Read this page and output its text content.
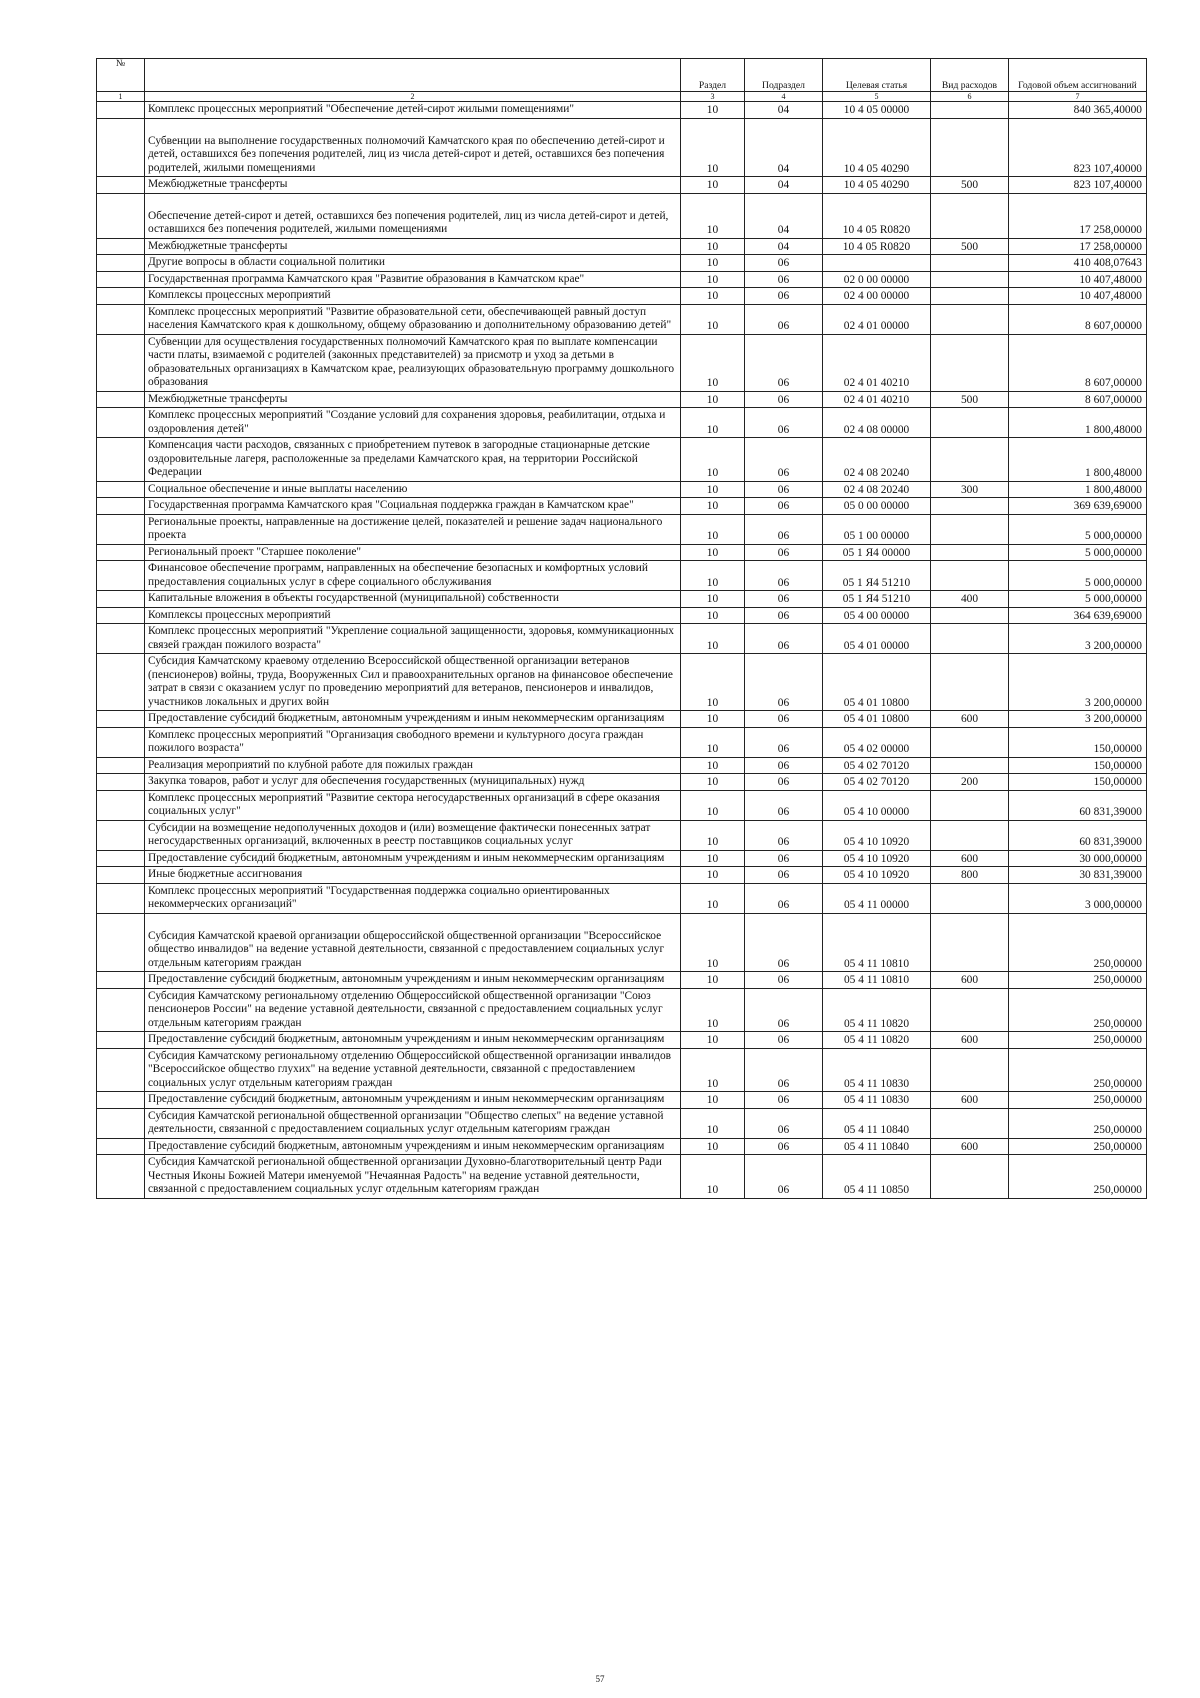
№		Раздел	Подраздел	Целевая статья	Вид расходов	Годовой объем ассигнований
1	2	3	4	5	6	7
	Комплекс процессных мероприятий "Обеспечение детей-сирот жилыми помещениями"	10	04	10 4 05 00000		840 365,40000
	Субвенции на выполнение государственных полномочий Камчатского края по обеспечению детей-сирот и детей, оставшихся без попечения родителей, лиц из числа детей-сирот и детей, оставшихся без попечения родителей, жилыми помещениями	10	04	10 4 05 40290		823 107,40000
	Межбюджетные трансферты	10	04	10 4 05 40290	500	823 107,40000
	Обеспечение детей-сирот и детей, оставшихся без попечения родителей, лиц из числа детей-сирот и детей, оставшихся без попечения родителей, жилыми помещениями	10	04	10 4 05 R0820		17 258,00000
	Межбюджетные трансферты	10	04	10 4 05 R0820	500	17 258,00000
	Другие вопросы в области социальной политики	10	06			410 408,07643
	Государственная программа Камчатского края "Развитие образования в Камчатском крае"	10	06	02 0 00 00000		10 407,48000
	Комплексы процессных мероприятий	10	06	02 4 00 00000		10 407,48000
	Комплекс процессных мероприятий "Развитие образовательной сети, обеспечивающей равный доступ населения Камчатского края к дошкольному, общему образованию и дополнительному образованию детей"	10	06	02 4 01 00000		8 607,00000
	Субвенции для осуществления государственных полномочий Камчатского края по выплате компенсации части платы, взимаемой с родителей (законных представителей) за присмотр и уход за детьми в образовательных организациях в Камчатском крае, реализующих образовательную программу дошкольного образования	10	06	02 4 01 40210		8 607,00000
	Межбюджетные трансферты	10	06	02 4 01 40210	500	8 607,00000
	Комплекс процессных мероприятий "Создание условий для сохранения здоровья, реабилитации, отдыха и оздоровления детей"	10	06	02 4 08 00000		1 800,48000
	Компенсация части расходов, связанных с приобретением путевок в загородные стационарные детские оздоровительные лагеря, расположенные за пределами Камчатского края, на территории Российской Федерации	10	06	02 4 08 20240		1 800,48000
	Социальное обеспечение и иные выплаты населению	10	06	02 4 08 20240	300	1 800,48000
	Государственная программа Камчатского края "Социальная поддержка граждан в Камчатском крае"	10	06	05 0 00 00000		369 639,69000
	Региональные проекты, направленные на достижение целей, показателей и решение задач национального проекта	10	06	05 1 00 00000		5 000,00000
	Региональный проект "Старшее поколение"	10	06	05 1 Я4 00000		5 000,00000
	Финансовое обеспечение программ, направленных на обеспечение безопасных и комфортных условий предоставления социальных услуг в сфере социального обслуживания	10	06	05 1 Я4 51210		5 000,00000
	Капитальные вложения в объекты государственной (муниципальной) собственности	10	06	05 1 Я4 51210	400	5 000,00000
	Комплексы процессных мероприятий	10	06	05 4 00 00000		364 639,69000
	Комплекс процессных мероприятий "Укрепление социальной защищенности, здоровья, коммуникационных связей граждан пожилого возраста"	10	06	05 4 01 00000		3 200,00000
	Субсидия Камчатскому краевому отделению Всероссийской общественной организации ветеранов (пенсионеров) войны, труда, Вооруженных Сил и правоохранительных органов на финансовое обеспечение затрат в связи с оказанием услуг по проведению мероприятий для ветеранов, пенсионеров и инвалидов, участников локальных и других войн	10	06	05 4 01 10800		3 200,00000
	Предоставление субсидий бюджетным, автономным учреждениям и иным некоммерческим организациям	10	06	05 4 01 10800	600	3 200,00000
	Комплекс процессных мероприятий "Организация свободного времени и культурного досуга граждан пожилого возраста"	10	06	05 4 02 00000		150,00000
	Реализация мероприятий по клубной работе для пожилых граждан	10	06	05 4 02 70120		150,00000
	Закупка товаров, работ и услуг для обеспечения государственных (муниципальных) нужд	10	06	05 4 02 70120	200	150,00000
	Комплекс процессных мероприятий "Развитие сектора негосударственных организаций в сфере оказания социальных услуг"	10	06	05 4 10 00000		60 831,39000
	Субсидии на возмещение недополученных доходов и (или) возмещение фактически понесенных затрат негосударственных организаций, включенных в реестр поставщиков социальных услуг	10	06	05 4 10 10920		60 831,39000
	Предоставление субсидий бюджетным, автономным учреждениям и иным некоммерческим организациям	10	06	05 4 10 10920	600	30 000,00000
	Иные бюджетные ассигнования	10	06	05 4 10 10920	800	30 831,39000
	Комплекс процессных мероприятий "Государственная поддержка социально ориентированных некоммерческих организаций"	10	06	05 4 11 00000		3 000,00000
	Субсидия Камчатской краевой организации общероссийской общественной организации "Всероссийское общество инвалидов" на ведение уставной деятельности, связанной с предоставлением социальных услуг отдельным категориям граждан	10	06	05 4 11 10810		250,00000
	Предоставление субсидий бюджетным, автономным учреждениям и иным некоммерческим организациям	10	06	05 4 11 10810	600	250,00000
	Субсидия Камчатскому региональному отделению Общероссийской общественной организации "Союз пенсионеров России" на ведение уставной деятельности, связанной с предоставлением социальных услуг отдельным категориям граждан	10	06	05 4 11 10820		250,00000
	Предоставление субсидий бюджетным, автономным учреждениям и иным некоммерческим организациям	10	06	05 4 11 10820	600	250,00000
	Субсидия Камчатскому региональному отделению Общероссийской общественной организации инвалидов "Всероссийское общество глухих" на ведение уставной деятельности, связанной с предоставлением социальных услуг отдельным категориям граждан	10	06	05 4 11 10830		250,00000
	Предоставление субсидий бюджетным, автономным учреждениям и иным некоммерческим организациям	10	06	05 4 11 10830	600	250,00000
	Субсидия Камчатской региональной общественной организации "Общество слепых" на ведение уставной деятельности, связанной с предоставлением социальных услуг отдельным категориям граждан	10	06	05 4 11 10840		250,00000
	Предоставление субсидий бюджетным, автономным учреждениям и иным некоммерческим организациям	10	06	05 4 11 10840	600	250,00000
	Субсидия Камчатской региональной общественной организации Духовно-благотворительный центр Ради Честныя Иконы Божией Матери именуемой "Нечаянная Радость" на ведение уставной деятельности, связанной с предоставлением социальных услуг отдельным категориям граждан	10	06	05 4 11 10850		250,00000
57
